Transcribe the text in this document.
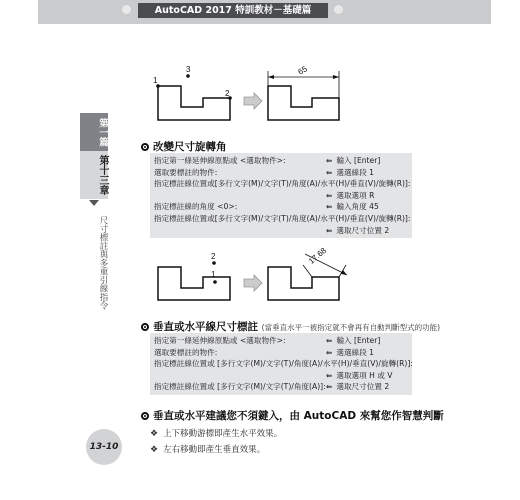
AutoCAD 2017 特訓教材－基礎篇
第一篇
第十三章
尺寸標註與多重引線指令
1
2
3	65
改變尺寸旋轉角
指定第一條延伸線原點或 <選取物件>:	⇐ 輸入 [Enter]
選取要標註的物件:	⇐ 選選線段 1
指定標註線位置或[多行文字(M)/文字(T)/角度(A)/水平(H)/垂直(V)/旋轉(R)]:
⇐ 選取選項 R
指定標註線的角度 <0>:	⇐ 輸入角度 45
指定標註線位置或[多行文字(M)/文字(T)/角度(A)/水平(H)/垂直(V)/旋轉(R)]:
⇐ 選取尺寸位置 2
1
2	17.68
垂直或水平線尺寸標註 (當垂直水平一被指定就不會再有自動判斷型式的功能)
指定第一條延伸線原點或 <選取物件>:	⇐ 輸入 [Enter]
選取要標註的物件:	⇐ 選選線段 1
指定標註線位置或 [多行文字(M)/文字(T)/角度(A)/水平(H)/垂直(V)/旋轉(R)]:
⇐ 選取選項 H 或 V
指定標註線位置或 [多行文字(M)/文字(T)/角度(A)]: ⇐ 選取尺寸位置 2
垂直或水平建議您不須鍵入，由 AutoCAD 來幫您作智慧判斷
❖ 上下移動游標即產生水平效果。
❖ 左右移動即產生垂直效果。
13-10
